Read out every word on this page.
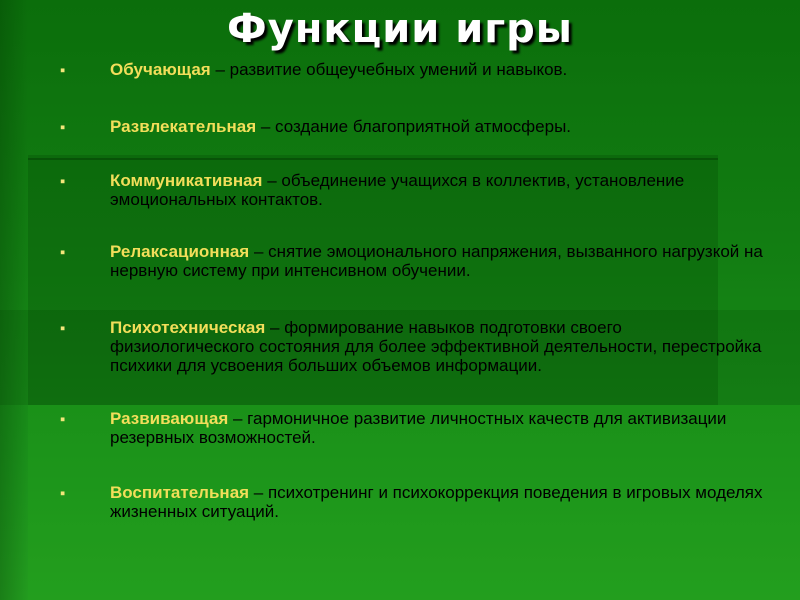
Функции игры
▪	Обучающая – развитие общеучебных умений и навыков.
▪	Развлекательная – создание благоприятной атмосферы.
▪	Коммуникативная – объединение учащихся в коллектив, установление эмоциональных контактов.
▪	Релаксационная – снятие эмоционального напряжения, вызванного нагрузкой на нервную систему при интенсивном обучении.
▪	Психотехническая – формирование навыков подготовки своего физиологического состояния для более эффективной деятельности, перестройка психики для усвоения больших объемов информации.
▪	Развивающая – гармоничное развитие личностных качеств для активизации резервных возможностей.
▪	Воспитательная – психотренинг и психокоррекция поведения в игровых моделях жизненных ситуаций.
